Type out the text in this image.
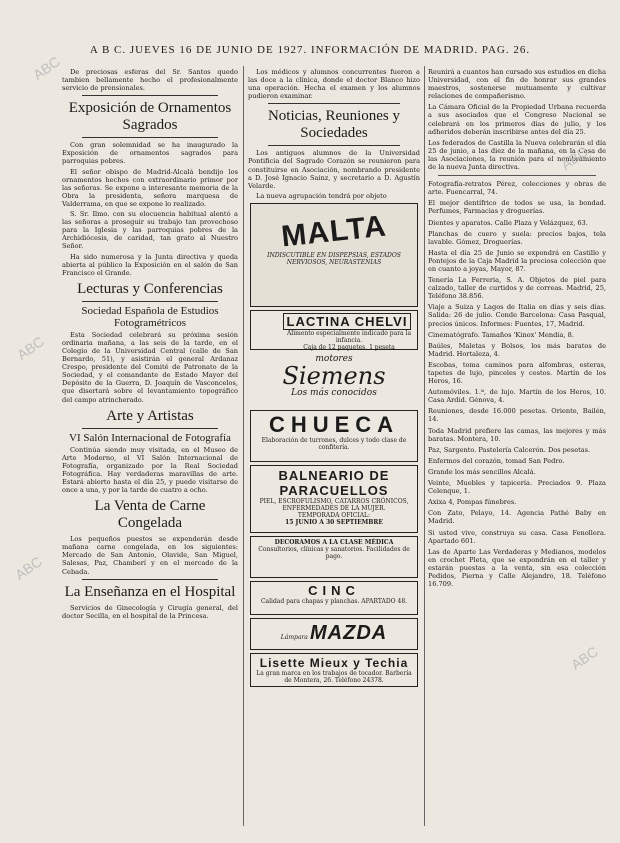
A B C. JUEVES 16 DE JUNIO DE 1927. INFORMACIÓN DE MADRID. PAG. 26.

De preciosas esferas del Sr. Santos quedo tambien bellamente hecho el profesionalmente servicio de prensionales.

Exposición de Ornamentos Sagrados

Con gran solemnidad se ha inaugurado la Exposición de ornamentos sagrados para parroquias pobres.

El señor obispo de Madrid-Alcalá bendijo los ornamentos hechos con extraordinario primor por las señoras. Se expone a interesante memoria de la Obra la presidenta, señora marquesa de Valderrama, en que se expone lo realizado.

S. Sr. Ilmo. con su elocuencia habitual alentó a las señoras a proseguir su trabajo tan provechoso para la Iglesia y las parroquias pobres de la Archidiócesis, de caridad, tan grato al Nuestro Señor.

Ha sido numerosa y la Junta directiva y queda abierta al público la Exposición en el salón de San Francisco el Grande.

Lecturas y Conferencias
Sociedad Española de Estudios Fotogramétricos

Esta Sociedad celebrará su próxima sesión ordinaria mañana, a las seis de la tarde, en el Colegio de la Universidad Central (calle de San Bernardo, 51), y asistirán el general Ardanaz Crespo, presidente del Comité de Patronato de la Sociedad, y el comandante de Estado Mayor del Depósito de la Guerra, D. Joaquín de Vasconcelos, que disertará sobre el levantamiento topográfico del campo atrincherado.

Arte y Artistas
VI Salón Internacional de Fotografía

Continúa siendo muy visitada, en el Museo de Arte Moderno, el VI Salón Internacional de Fotografía, organizado por la Real Sociedad Fotográfica. Hay verdaderas maravillas de arte. Estará abierto hasta el día 25, y puede visitarse de once a una, y por la tarde de cuatro a ocho.

La Venta de Carne Congelada

Los pequeños puestos se expenderán desde mañana carne congelada, en los siguientes: Mercado de San Antonio, Olavide, San Miguel, Salesas, Paz, Chamberí y en el mercado de la Cebada.

La Enseñanza en el Hospital

Servicios de Ginecología y Cirugía general, del doctor Secilla, en el hospital de la Princesa.

Los médicos y alumnos concurrentes fueron a las doce a la clínica, donde el doctor Blanco hizo una operación. Hecha el examen y los alumnos pudieron examinar.

Noticias, Reuniones y Sociedades

Los antiguos alumnos de la Universidad Pontificia del Sagrado Corazón se reunieron para constituirse en Asociación, nombrando presidente a D. José Ignacio Sainz, y secretario a D. Agustín Velarde.

La nueva agrupación tendrá por objeto

MALTA
INDISCUTIBLE EN DISPEPSIAS, ESTADOS NERVIOSOS, NEURASTENIAS
LACTINA CHELVI
Alimento especialmente indicado para la infancia.
Caja de 12 paquetes, 1 peseta
motores
Siemens
Los más conocidos
CHUECA
Elaboración de turrones, dulces y todo clase de confitería.
BALNEARIO DE
PARACUELLOS
PIEL, ESCROFULISMO, CATARROS CRÓNICOS, ENFERMEDADES DE LA MUJER.
TEMPORADA OFICIAL:
15 JUNIO A 30 SEPTIEMBRE
DECORAMOS A LA CLASE MÉDICA
Consultorios, clínicas y sanatorios. Facilidades de pago.
CINC
Calidad para chapas y planchas. APARTADO 48.
Lámpara MAZDA
Lisette Mieux y Techia
La gran marca en los trabajos de tocador. Barbería de Montera, 26. Teléfono 24378.

Reunirá a cuantos han cursado sus estudios en dicha Universidad, con el fin de honrar sus grandes maestros, sostenerse mutuamente y cultivar relaciones de compañerismo.

La Cámara Oficial de la Propiedad Urbana recuerda a sus asociados que el Congreso Nacional se celebrará en los primeros días de julio, y los adheridos deberán inscribirse antes del día 25.

Los federados de Castilla la Nueva celebrarán el día 25 de junio, a las diez de la mañana, en la Casa de las Asociaciones, la reunión para el nombramiento de la nueva Junta directiva.

Fotografía-retratos Pérez, colecciones y obras de arte. Fuencarral, 74.

El mejor dentífrico de todos se usa, la bondad. Perfumes, Farmacias y droguerías.

Dientes y aparatos. Calle Plaza y Velázquez, 63.

Planchas de cuero y suela: precios bajos, tela lavable. Gómez, Droguerías.

Hasta el día 25 de Junio se expondrá en Castillo y Pontejos de la Caja Madrid la preciosa colección que en cuanto a joyas, Mayor, 87.

Tenería La Ferreria, S. A. Objetos de piel para calzado, taller de curtidos y de correas. Madrid, 25, Teléfono 38.856.

Viaje a Suiza y Lagos de Italia en días y seis días. Salida: 26 de julio. Conde Barcelona: Casa Pasqual, precios únicos. Informes: Fuentes, 17, Madrid.

Cinematógrafo. Tamaños 'Kinox' Mendia, 8.

Baúles, Maletas y Bolsos, los más baratos de Madrid. Hortaleza, 4.

Escobas, toma caminos para alfombras, esteras, tapetes de lujo, pinceles y cestos. Martín de los Heros, 16.

Automóviles. 1.ª, de lujo. Martín de los Heros, 10. Casa Ardid. Génova, 4.

Reuniones, desde 16.000 pesetas. Oriente, Bailén, 14.

Toda Madrid prefiere las camas, las mejores y más baratas. Montera, 10.

Paz, Sargento. Pastelería Calcerón. Dos pesetas.

Enfermos del corazón, tomad San Pedro.

Grande los más sencillos Alcalá.

Veinte, Muebles y tapicería. Preciados 9. Plaza Celenque, 1.

Axixa 4, Pompas fúnebres.

Con Zato, Pelayo, 14. Agencia Pathé Baby en Madrid.

Si usted vive, construya su casa. Casa Fenollera. Apartado 601.

Las de Aparte Las Verdaderas y Medianos, modelos en crochet Pleta, que se expondrán en el taller y estarán puestas a la venta, sin esa colección Pedidos, Pierna y Calle Alejandro, 18. Teléfono 16.709.

ABC
ABC
ABC
ABC
ABC
